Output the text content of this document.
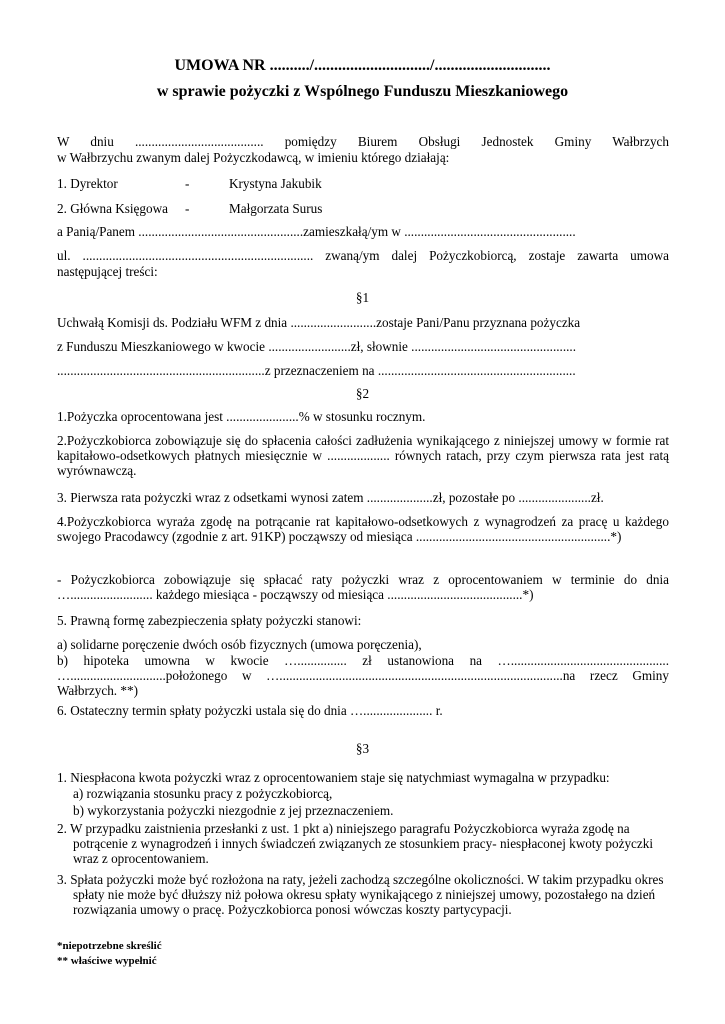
UMOWA NR ........../............................./.............................
w sprawie pożyczki z Wspólnego Funduszu Mieszkaniowego
W dniu ....................................... pomiędzy Biurem Obsługi Jednostek Gminy Wałbrzych
w Wałbrzychu zwanym dalej Pożyczkodawcą, w imieniu którego działają:
1. Dyrektor	-	Krystyna Jakubik
2. Główna Księgowa -	Małgorzata Surus
a Panią/Panem ..................................................zamieszkałą/ym w ....................................................
ul. ...................................................................... zwaną/ym dalej Pożyczkobiorcą, zostaje zawarta umowa
następującej treści:
§1
Uchwałą Komisji ds. Podziału WFM z dnia ..........................zostaje Pani/Panu przyznana pożyczka
z Funduszu Mieszkaniowego w kwocie .........................zł, słownie ..................................................
...............................................................z przeznaczeniem na ............................................................
§2
1.Pożyczka oprocentowana jest ......................% w stosunku rocznym.
2.Pożyczkobiorca zobowiązuje się do spłacenia całości zadłużenia wynikającego z niniejszej umowy w formie rat kapitałowo-odsetkowych płatnych miesięcznie w ................... równych ratach, przy czym pierwsza rata jest ratą wyrównawczą.
3. Pierwsza rata pożyczki wraz z odsetkami wynosi zatem ....................zł, pozostałe po ......................zł.
4.Pożyczkobiorca wyraża zgodę na potrącanie rat kapitałowo-odsetkowych z wynagrodzeń za pracę u każdego swojego Pracodawcy (zgodnie z art. 91KP) począwszy od miesiąca ...........................................................*)
- Pożyczkobiorca zobowiązuje się spłacać raty pożyczki wraz z oprocentowaniem w terminie do dnia …......................... każdego miesiąca - począwszy od miesiąca .........................................*)
5. Prawną formę zabezpieczenia spłaty pożyczki stanowi:
a) solidarne poręczenie dwóch osób fizycznych (umowa poręczenia),
b) hipoteka umowna w kwocie …............... zł ustanowiona na …................................................ ….............................położonego w …......................................................................................na rzecz Gminy Wałbrzych. **)
6. Ostateczny termin spłaty pożyczki ustala się do dnia …..................... r.
§3
1. Niespłacona kwota pożyczki wraz z oprocentowaniem staje się natychmiast wymagalna w przypadku:
a) rozwiązania stosunku pracy z pożyczkobiorcą,
b) wykorzystania pożyczki niezgodnie z jej przeznaczeniem.
2. W przypadku zaistnienia przesłanki z ust. 1 pkt a) niniejszego paragrafu Pożyczkobiorca wyraża zgodę na potrącenie z wynagrodzeń i innych świadczeń związanych ze stosunkiem pracy- niespłaconej kwoty pożyczki wraz z oprocentowaniem.
3. Spłata pożyczki może być rozłożona na raty, jeżeli zachodzą szczególne okoliczności. W takim przypadku okres spłaty nie może być dłuższy niż połowa okresu spłaty wynikającego z niniejszej umowy, pozostałego na dzień rozwiązania umowy o pracę. Pożyczkobiorca ponosi wówczas koszty partycypacji.
*niepotrzebne skreślić
** właściwe wypełnić
